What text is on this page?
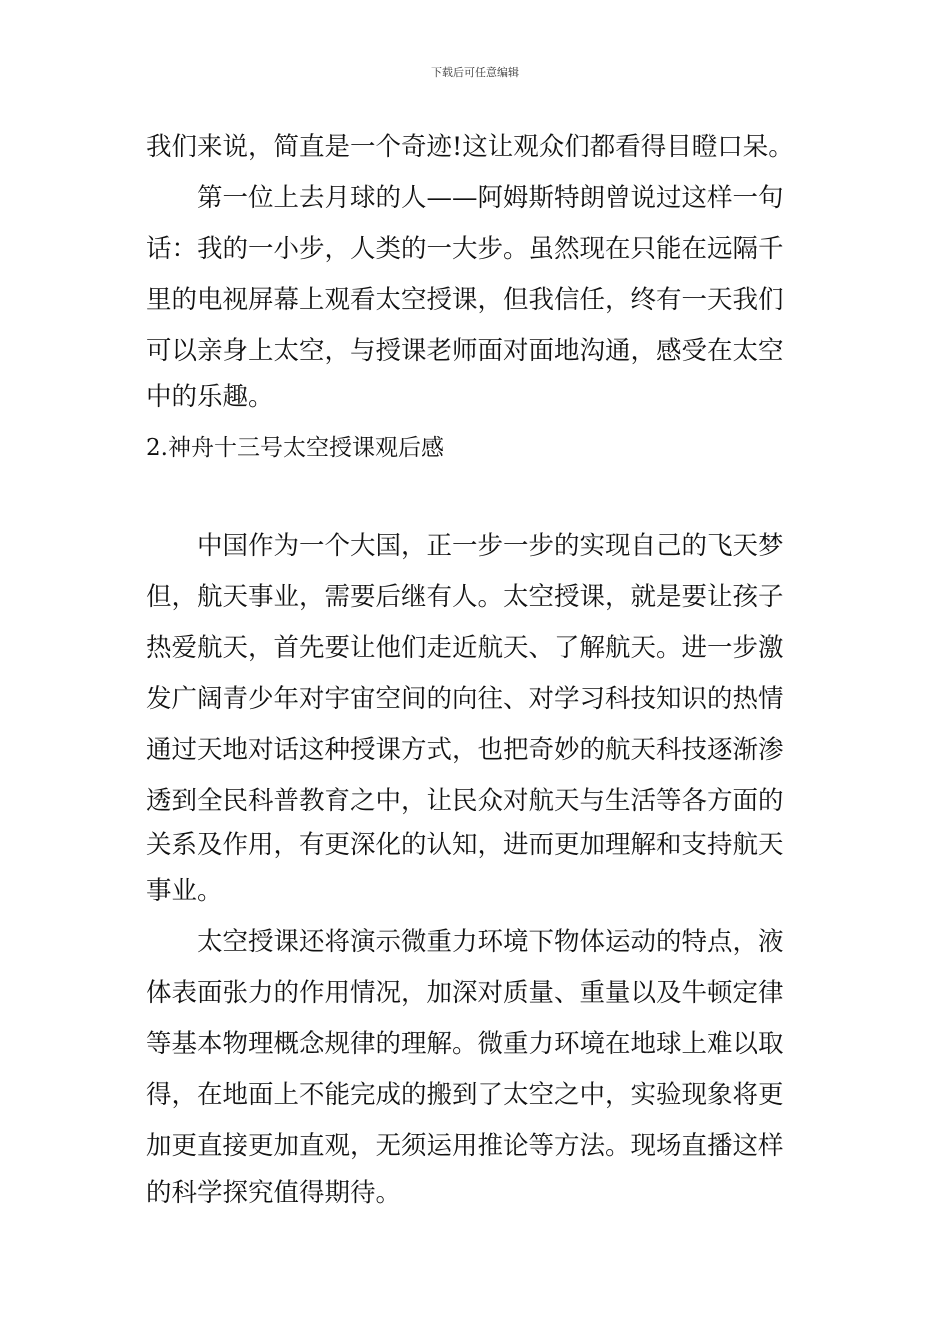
下载后可任意编辑
我们来说，简直是一个奇迹!这让观众们都看得目瞪口呆。
　　第一位上去月球的人——阿姆斯特朗曾说过这样一句
话：我的一小步，人类的一大步。虽然现在只能在远隔千
里的电视屏幕上观看太空授课，但我信任，终有一天我们
可以亲身上太空，与授课老师面对面地沟通，感受在太空
中的乐趣。
2.神舟十三号太空授课观后感
　　中国作为一个大国，正一步一步的实现自己的飞天梦
但，航天事业，需要后继有人。太空授课，就是要让孩子
热爱航天，首先要让他们走近航天、了解航天。进一步激
发广阔青少年对宇宙空间的向往、对学习科技知识的热情
通过天地对话这种授课方式，也把奇妙的航天科技逐渐渗
透到全民科普教育之中，让民众对航天与生活等各方面的
关系及作用，有更深化的认知，进而更加理解和支持航天
事业。
　　太空授课还将演示微重力环境下物体运动的特点，液
体表面张力的作用情况，加深对质量、重量以及牛顿定律
等基本物理概念规律的理解。微重力环境在地球上难以取
得，在地面上不能完成的搬到了太空之中，实验现象将更
加更直接更加直观，无须运用推论等方法。现场直播这样
的科学探究值得期待。
